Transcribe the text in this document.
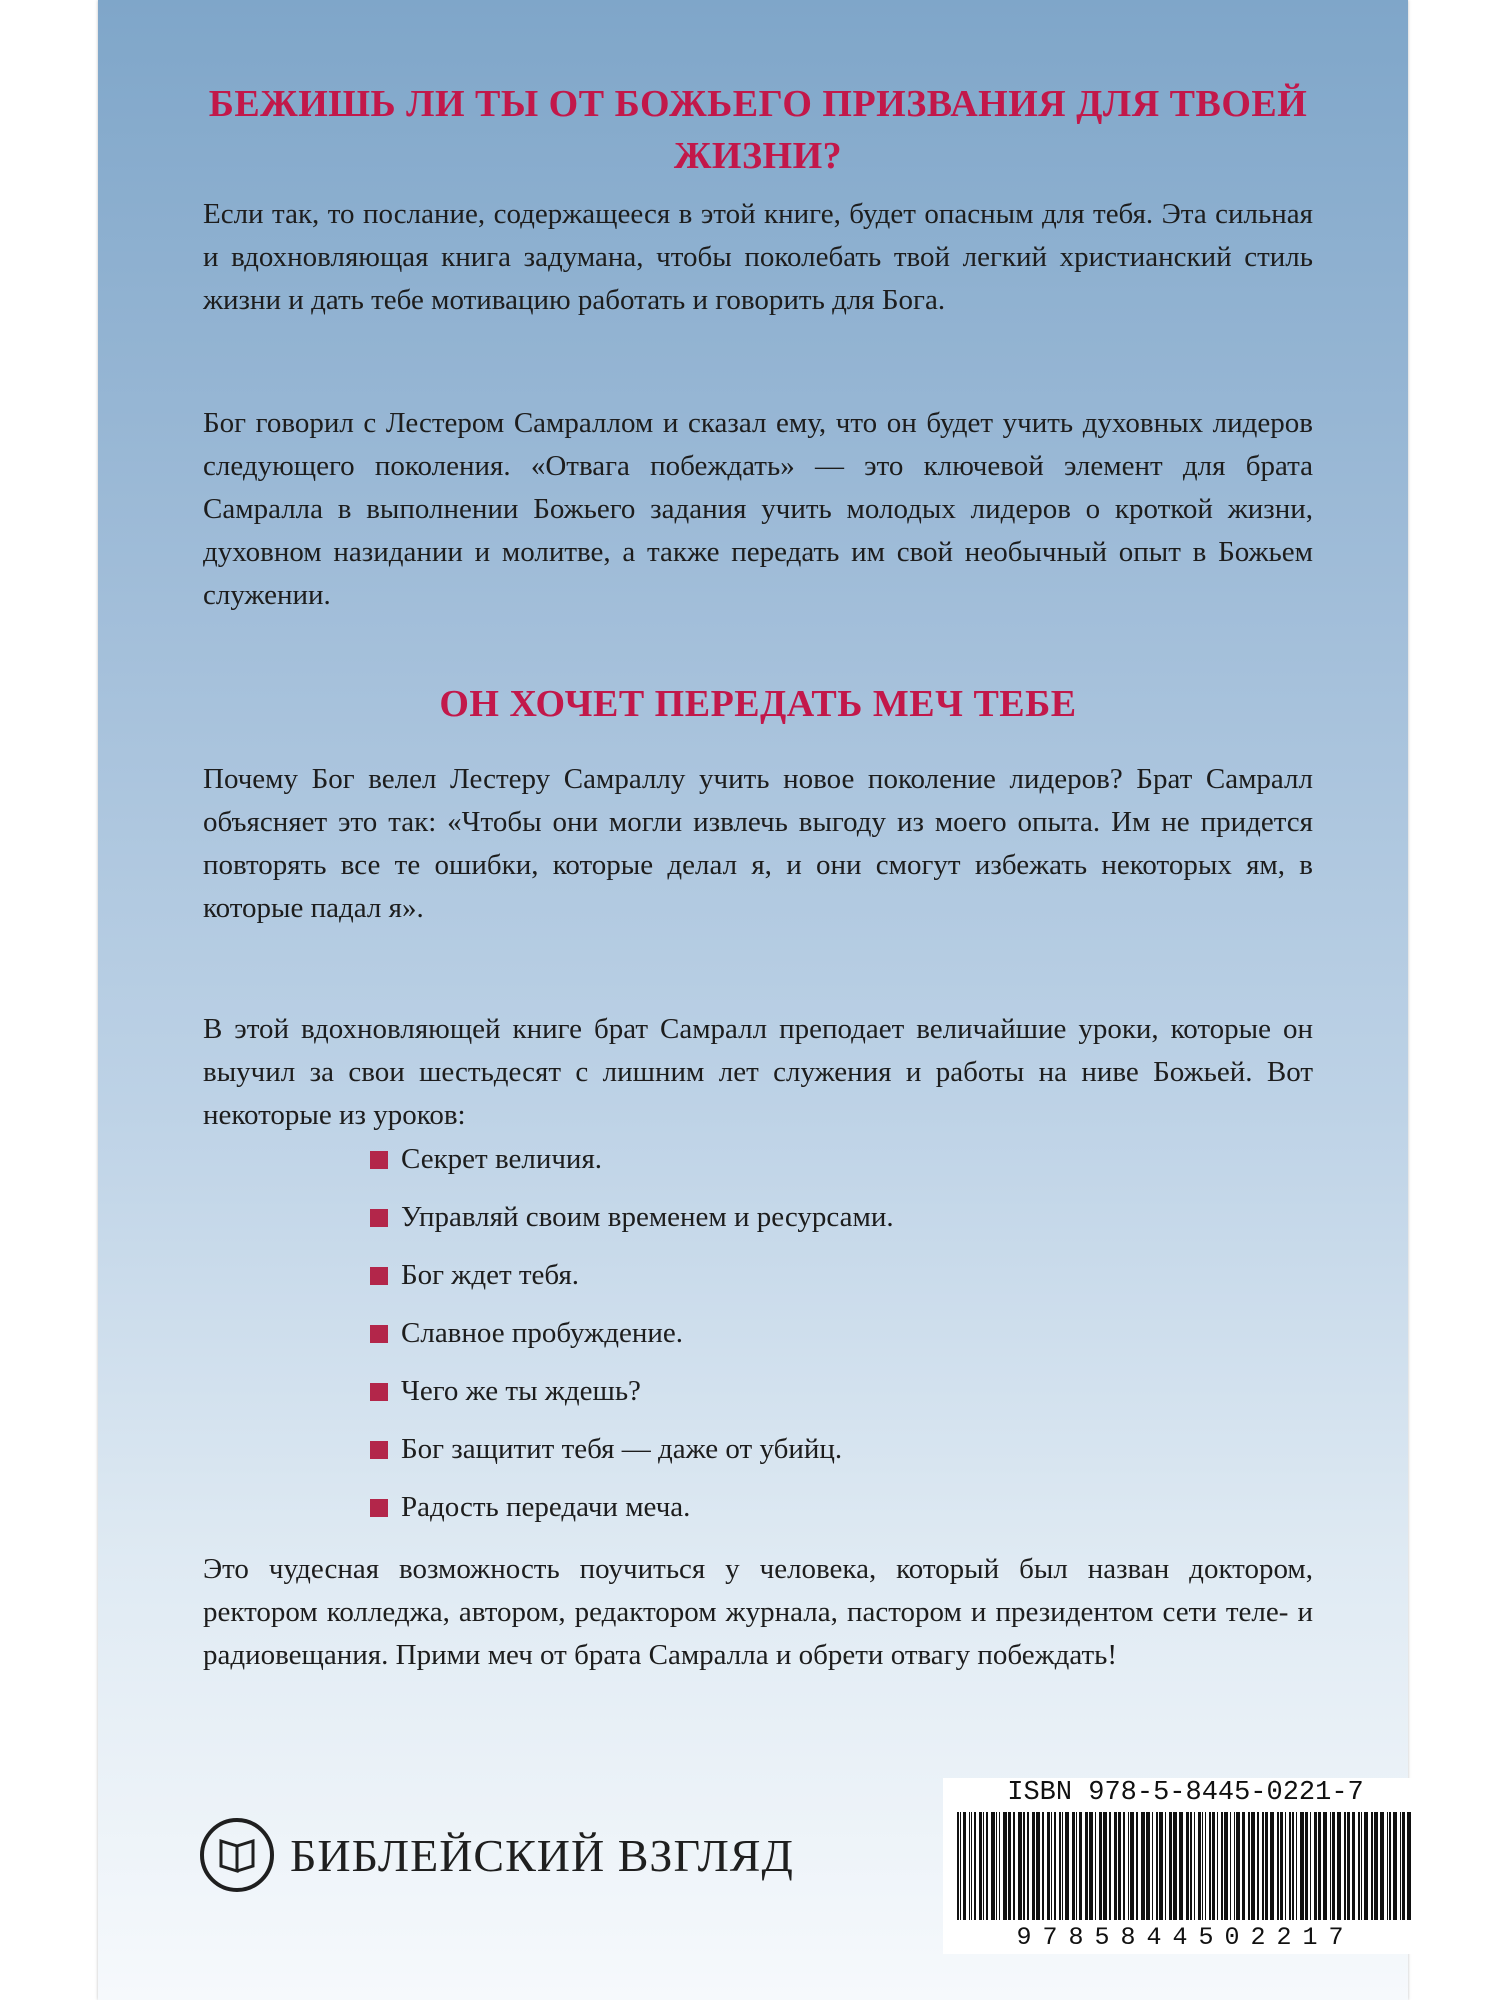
БЕЖИШЬ ЛИ ТЫ ОТ БОЖЬЕГО ПРИЗВАНИЯ ДЛЯ ТВОЕЙ ЖИЗНИ?

Если так, то послание, содержащееся в этой книге, будет опасным для тебя. Эта сильная и вдохновляющая книга задумана, чтобы поколебать твой легкий христианский стиль жизни и дать тебе мотивацию работать и говорить для Бога.

Бог говорил с Лестером Самраллом и сказал ему, что он будет учить духовных лидеров следующего поколения. «Отвага побеждать» — это ключевой элемент для брата Самралла в выполнении Божьего задания учить молодых лидеров о кроткой жизни, духовном назидании и молитве, а также передать им свой необычный опыт в Божьем служении.

ОН ХОЧЕТ ПЕРЕДАТЬ МЕЧ ТЕБЕ

Почему Бог велел Лестеру Самраллу учить новое поколение лидеров? Брат Самралл объясняет это так: «Чтобы они могли извлечь выгоду из моего опыта. Им не придется повторять все те ошибки, которые делал я, и они смогут избежать некоторых ям, в которые падал я».

В этой вдохновляющей книге брат Самралл преподает величайшие уроки, которые он выучил за свои шестьдесят с лишним лет служения и работы на ниве Божьей. Вот некоторые из уроков:

Секрет величия.
Управляй своим временем и ресурсами.
Бог ждет тебя.
Славное пробуждение.
Чего же ты ждешь?
Бог защитит тебя — даже от убийц.
Радость передачи меча.

Это чудесная возможность поучиться у человека, который был назван доктором, ректором колледжа, автором, редактором журнала, пастором и президентом сети теле- и радиовещания. Прими меч от брата Самралла и обрети отвагу побеждать!

БИБЛЕЙСКИЙ ВЗГЛЯД
ISBN 978-5-8445-0221-7
9785844502217
